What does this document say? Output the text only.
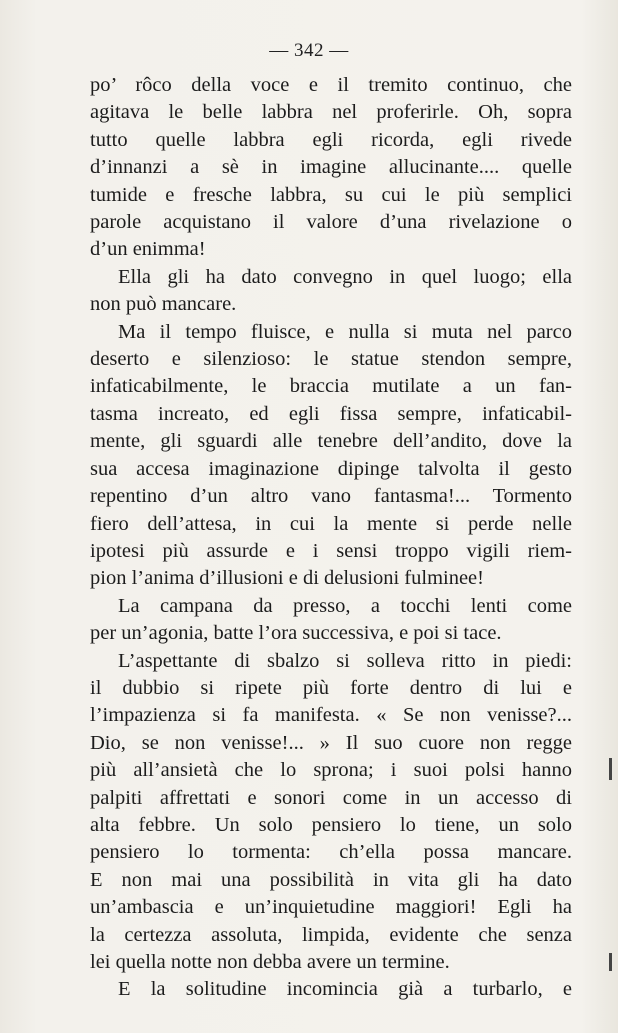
— 342 —

po’ rôco della voce e il tremito continuo, che
agitava le belle labbra nel proferirle. Oh, sopra
tutto quelle labbra egli ricorda, egli rivede
d’innanzi a sè in imagine allucinante.... quelle
tumide e fresche labbra, su cui le più semplici
parole acquistano il valore d’una rivelazione o
d’un enimma!

Ella gli ha dato convegno in quel luogo; ella
non può mancare.

Ma il tempo fluisce, e nulla si muta nel parco
deserto e silenzioso: le statue stendon sempre,
infaticabilmente, le braccia mutilate a un fan-
tasma increato, ed egli fissa sempre, infaticabil-
mente, gli sguardi alle tenebre dell’andito, dove la
sua accesa imaginazione dipinge talvolta il gesto
repentino d’un altro vano fantasma!... Tormento
fiero dell’attesa, in cui la mente si perde nelle
ipotesi più assurde e i sensi troppo vigili riem-
pion l’anima d’illusioni e di delusioni fulminee!

La campana da presso, a tocchi lenti come
per un’agonia, batte l’ora successiva, e poi si tace.

L’aspettante di sbalzo si solleva ritto in piedi:
il dubbio si ripete più forte dentro di lui e
l’impazienza si fa manifesta. « Se non venisse?...
Dio, se non venisse!... » Il suo cuore non regge
più all’ansietà che lo sprona; i suoi polsi hanno
palpiti affrettati e sonori come in un accesso di
alta febbre. Un solo pensiero lo tiene, un solo
pensiero lo tormenta: ch’ella possa mancare.
E non mai una possibilità in vita gli ha dato
un’ambascia e un’inquietudine maggiori! Egli ha
la certezza assoluta, limpida, evidente che senza
lei quella notte non debba avere un termine.

E la solitudine incomincia già a turbarlo, e
